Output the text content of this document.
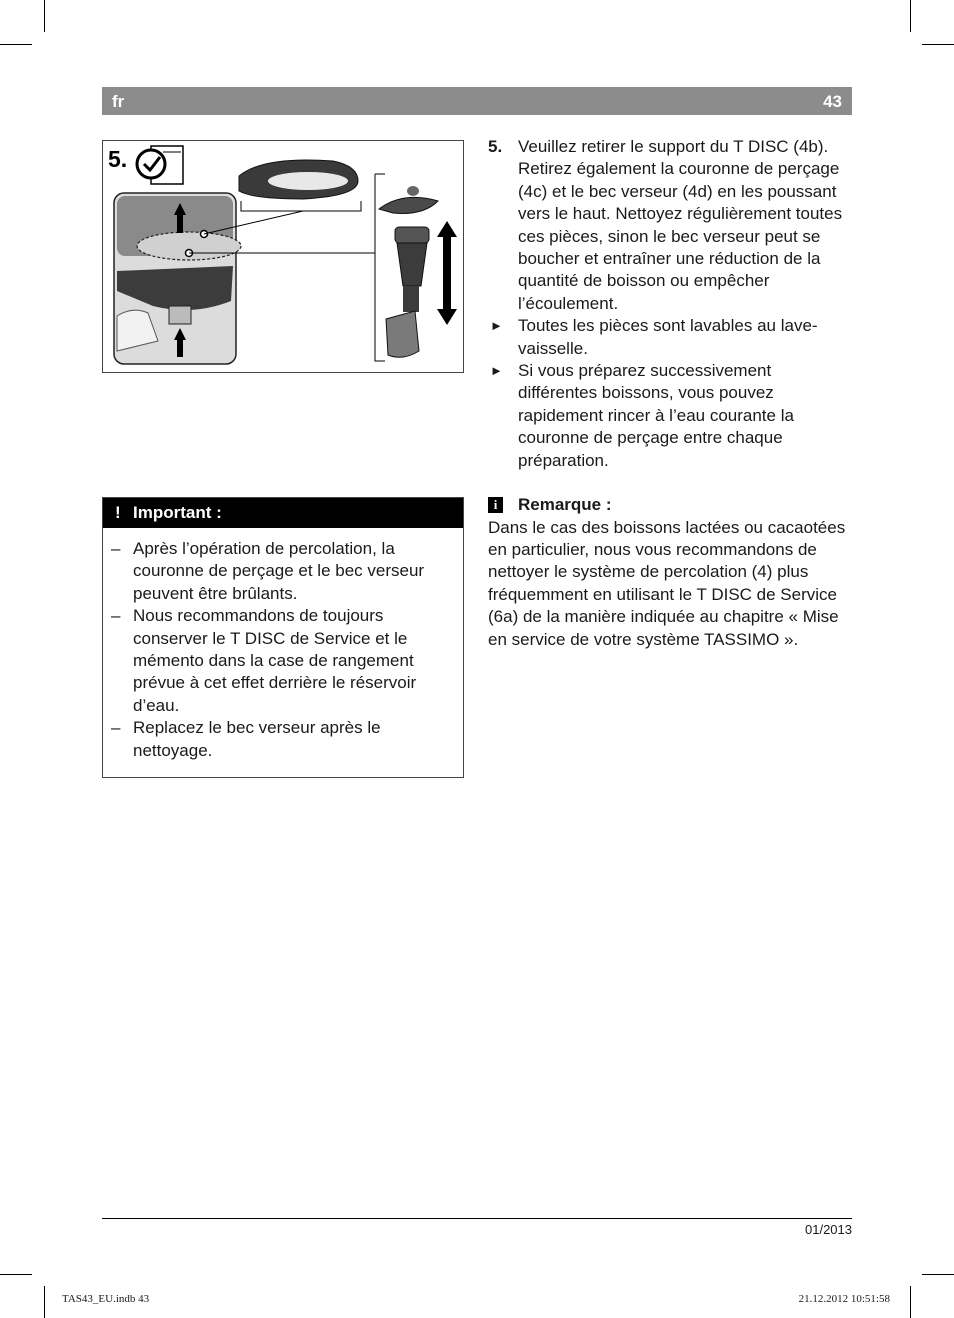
fr	43
5.
! Important :
– Après l’opération de percolation, la couronne de perçage et le bec verseur peuvent être brûlants.
– Nous recommandons de toujours conserver le T DISC de Service et le mémento dans la case de rangement prévue à cet effet derrière le réservoir d’eau.
– Replacez le bec verseur après le nettoyage.
5. Veuillez retirer le support du T DISC (4b). Retirez également la couronne de perçage (4c) et le bec verseur (4d) en les poussant vers le haut. Nettoyez régulièrement toutes ces pièces, sinon le bec verseur peut se boucher et entraîner une réduction de la quantité de boisson ou empêcher l’écoulement.
► Toutes les pièces sont lavables au lave-vaisselle.
► Si vous préparez successivement différentes boissons, vous pouvez rapidement rincer à l’eau courante la couronne de perçage entre chaque préparation.
i	Remarque :

Dans le cas des boissons lactées ou cacaotées en particulier, nous vous recommandons de nettoyer le système de percolation (4) plus fréquemment en utilisant le T DISC de Service (6a) de la manière indiquée au chapitre « Mise en service de votre système TASSIMO ».

01/2013
TAS43_EU.indb 43	21.12.2012 10:51:58
